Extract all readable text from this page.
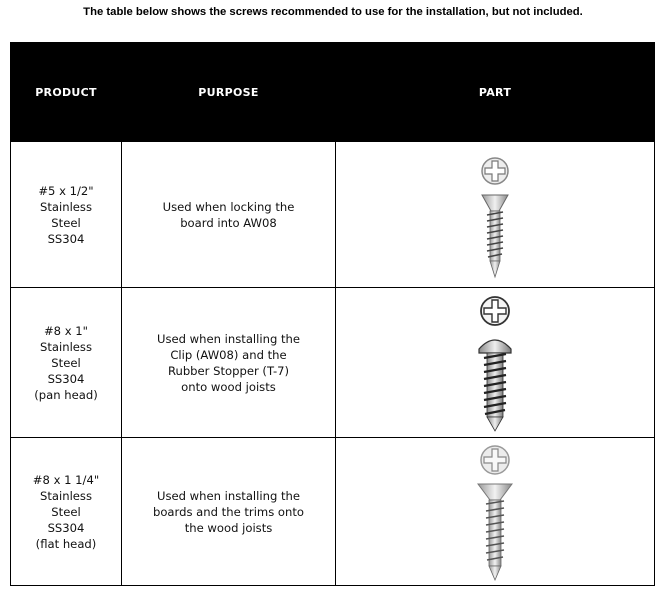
The table below shows the screws recommended to use for the installation, but not included.
PRODUCT	PURPOSE	PART

#5 x 1/2"
Stainless
Steel
SS304	Used when locking the
board into AW08

#8 x 1"
Stainless
Steel
SS304
(pan head)	Used when installing the
Clip (AW08) and the
Rubber Stopper (T-7)
onto wood joists

#8 x 1 1/4"
Stainless
Steel
SS304
(flat head)	Used when installing the
boards and the trims onto
the wood joists
